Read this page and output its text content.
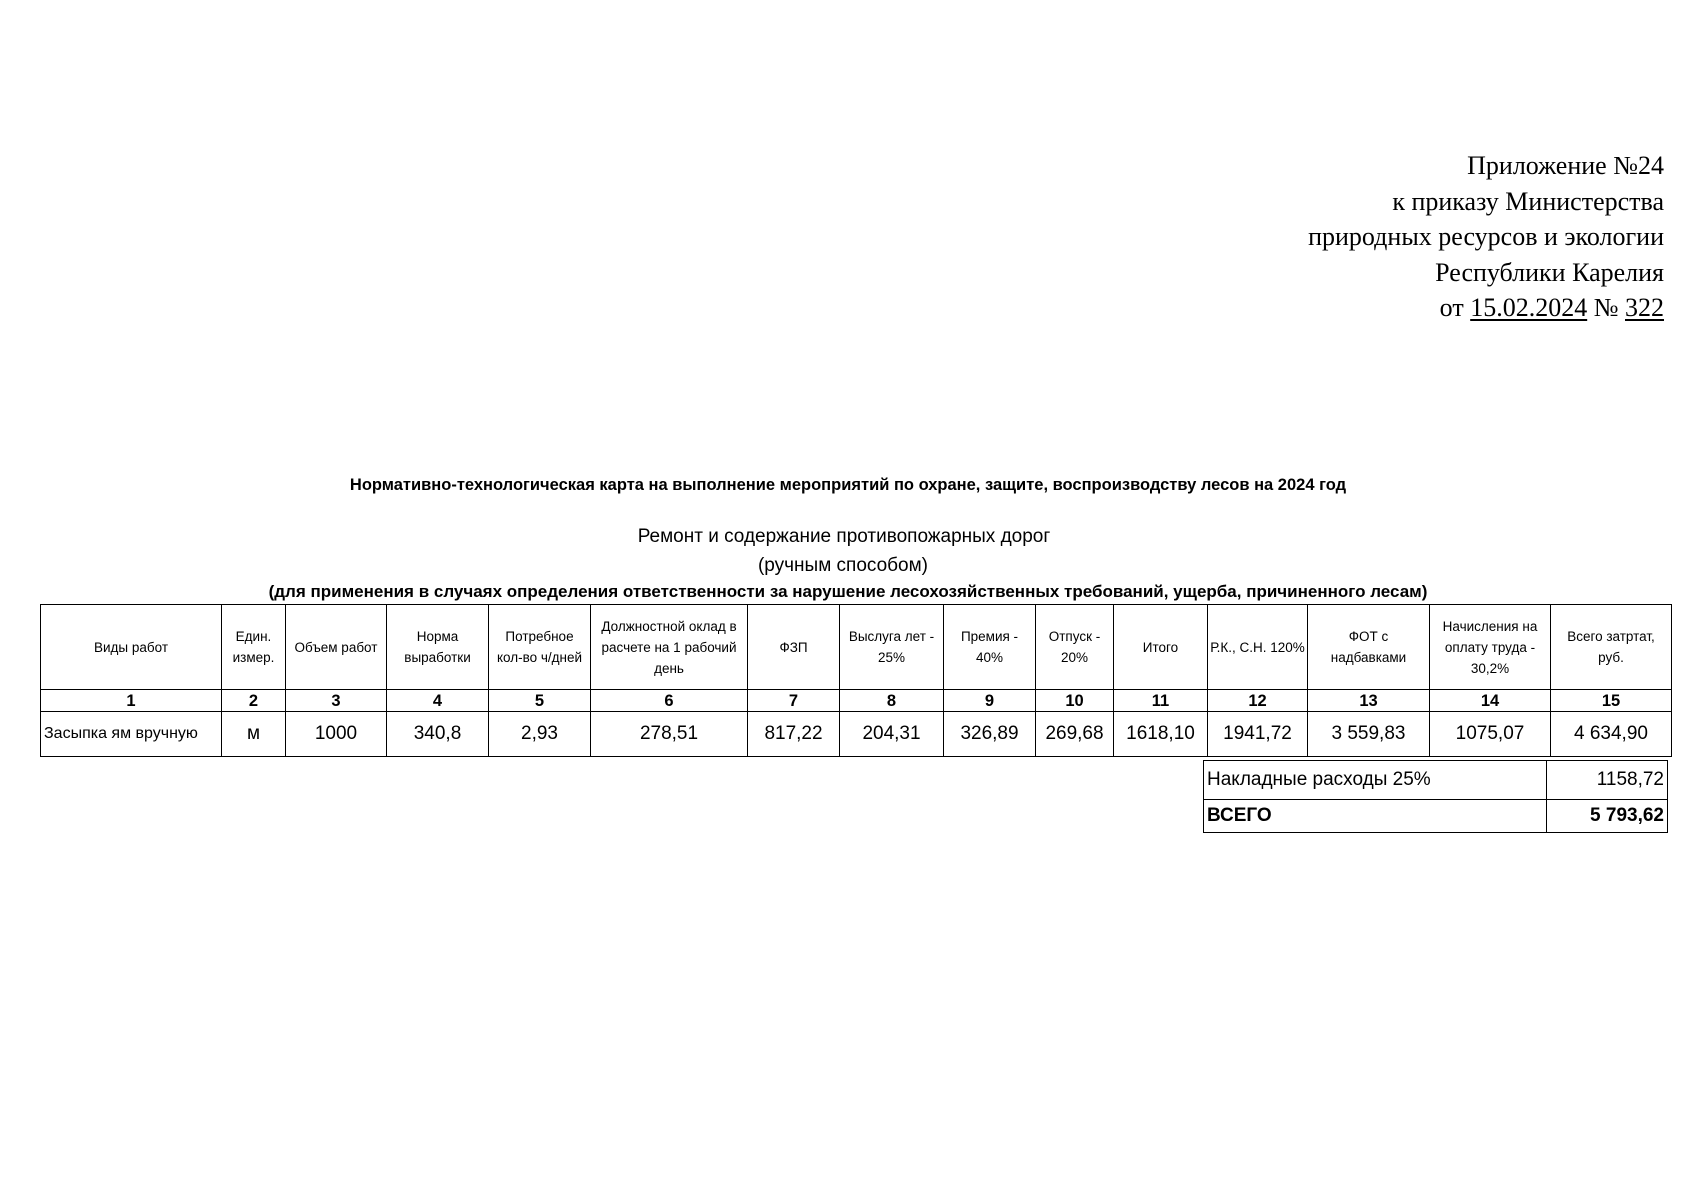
Приложение №24
к приказу Министерства
природных ресурсов и экологии
Республики Карелия
от 15.02.2024 № 322
Нормативно-технологическая карта на выполнение мероприятий по охране, защите, воспроизводству лесов на 2024 год
Ремонт и содержание противопожарных дорог
(ручным способом)
(для применения в случаях определения ответственности за нарушение лесохозяйственных требований, ущерба, причиненного лесам)
Виды работ	Един. измер.	Объем работ	Норма выработки	Потребное кол-во ч/дней	Должностной оклад в расчете на 1 рабочий день	ФЗП	Выслуга лет - 25%	Премия - 40%	Отпуск - 20%	Итого	Р.К., С.Н. 120%	ФОТ с надбавками	Начисления на оплату труда - 30,2%	Всего затртат, руб.
1	2	3	4	5	6	7	8	9	10	11	12	13	14	15
Засыпка ям вручную	м	1000	340,8	2,93	278,51	817,22	204,31	326,89	269,68	1618,10	1941,72	3 559,83	1075,07	4 634,90
Накладные расходы 25%	1158,72
ВСЕГО	5 793,62
